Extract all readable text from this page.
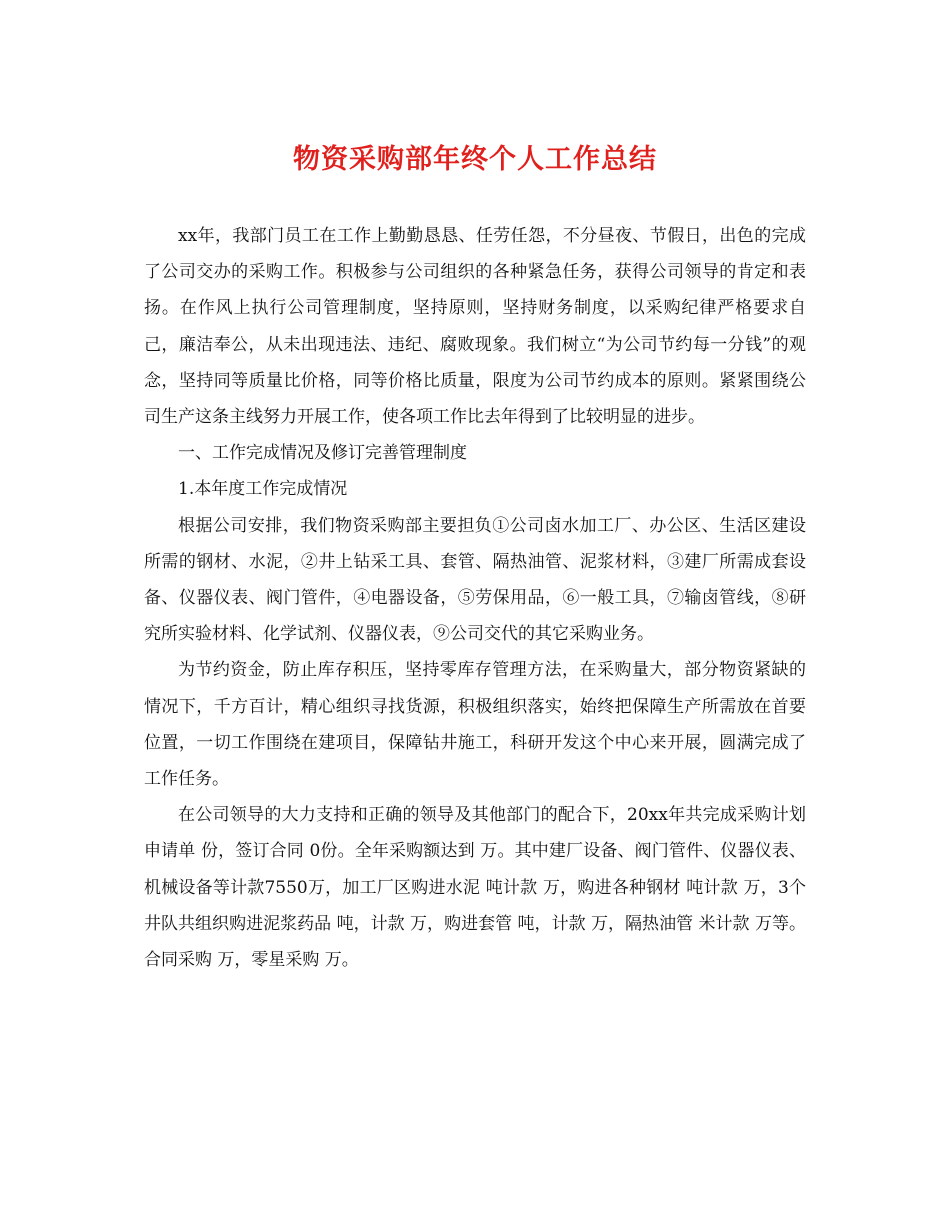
物资采购部年终个人工作总结

xx年，我部门员工在工作上勤勤恳恳、任劳任怨，不分昼夜、节假日，出色的完成了公司交办的采购工作。积极参与公司组织的各种紧急任务，获得公司领导的肯定和表扬。在作风上执行公司管理制度，坚持原则，坚持财务制度，以采购纪律严格要求自己，廉洁奉公，从未出现违法、违纪、腐败现象。我们树立“为公司节约每一分钱”的观念，坚持同等质量比价格，同等价格比质量，限度为公司节约成本的原则。紧紧围绕公司生产这条主线努力开展工作，使各项工作比去年得到了比较明显的进步。

一、工作完成情况及修订完善管理制度

1.本年度工作完成情况

根据公司安排，我们物资采购部主要担负①公司卤水加工厂、办公区、生活区建设所需的钢材、水泥，②井上钻采工具、套管、隔热油管、泥浆材料，③建厂所需成套设备、仪器仪表、阀门管件，④电器设备，⑤劳保用品，⑥一般工具，⑦输卤管线，⑧研究所实验材料、化学试剂、仪器仪表，⑨公司交代的其它采购业务。

为节约资金，防止库存积压，坚持零库存管理方法，在采购量大，部分物资紧缺的情况下，千方百计，精心组织寻找货源，积极组织落实，始终把保障生产所需放在首要位置，一切工作围绕在建项目，保障钻井施工，科研开发这个中心来开展，圆满完成了工作任务。

在公司领导的大力支持和正确的领导及其他部门的配合下，20xx年共完成采购计划申请单 份，签订合同 0份。全年采购额达到 万。其中建厂设备、阀门管件、仪器仪表、机械设备等计款7550万，加工厂区购进水泥 吨计款 万，购进各种钢材 吨计款 万，3个井队共组织购进泥浆药品 吨，计款 万，购进套管 吨，计款 万，隔热油管 米计款 万等。合同采购 万，零星采购 万。
